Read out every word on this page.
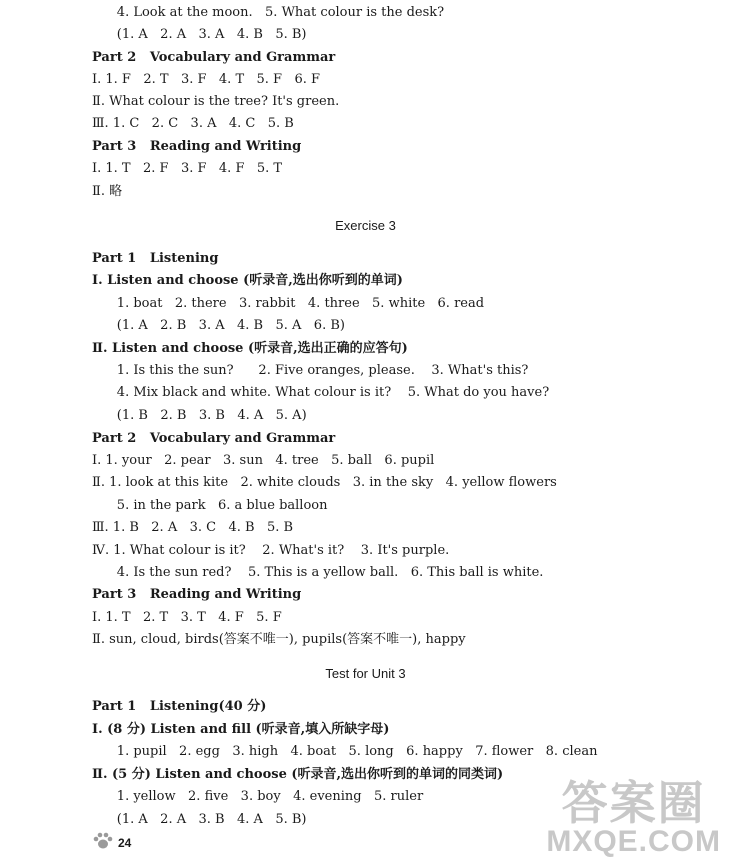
4. Look at the moon.   5. What colour is the desk?
(1. A   2. A   3. A   4. B   5. B)
Part 2   Vocabulary and Grammar
Ⅰ. 1. F   2. T   3. F   4. T   5. F   6. F
Ⅱ. What colour is the tree? It's green.
Ⅲ. 1. C   2. C   3. A   4. C   5. B
Part 3   Reading and Writing
Ⅰ. 1. T   2. F   3. F   4. F   5. T
Ⅱ. 略
Exercise 3
Part 1   Listening
Ⅰ. Listen and choose (听录音,选出你听到的单词)
1. boat   2. there   3. rabbit   4. three   5. white   6. read
(1. A   2. B   3. A   4. B   5. A   6. B)
Ⅱ. Listen and choose (听录音,选出正确的应答句)
1. Is this the sun?      2. Five oranges, please.    3. What's this?
4. Mix black and white. What colour is it?    5. What do you have?
(1. B   2. B   3. B   4. A   5. A)
Part 2   Vocabulary and Grammar
Ⅰ. 1. your   2. pear   3. sun   4. tree   5. ball   6. pupil
Ⅱ. 1. look at this kite   2. white clouds   3. in the sky   4. yellow flowers
5. in the park   6. a blue balloon
Ⅲ. 1. B   2. A   3. C   4. B   5. B
Ⅳ. 1. What colour is it?    2. What's it?    3. It's purple.
4. Is the sun red?    5. This is a yellow ball.   6. This ball is white.
Part 3   Reading and Writing
Ⅰ. 1. T   2. T   3. T   4. F   5. F
Ⅱ. sun, cloud, birds(答案不唯一), pupils(答案不唯一), happy
Test for Unit 3
Part 1   Listening(40 分)
Ⅰ. (8 分) Listen and fill (听录音,填入所缺字母)
1. pupil   2. egg   3. high   4. boat   5. long   6. happy   7. flower   8. clean
Ⅱ. (5 分) Listen and choose (听录音,选出你听到的单词的同类词)
1. yellow   2. five   3. boy   4. evening   5. ruler
(1. A   2. A   3. B   4. A   5. B)
24
答案圈
MXQE.COM
